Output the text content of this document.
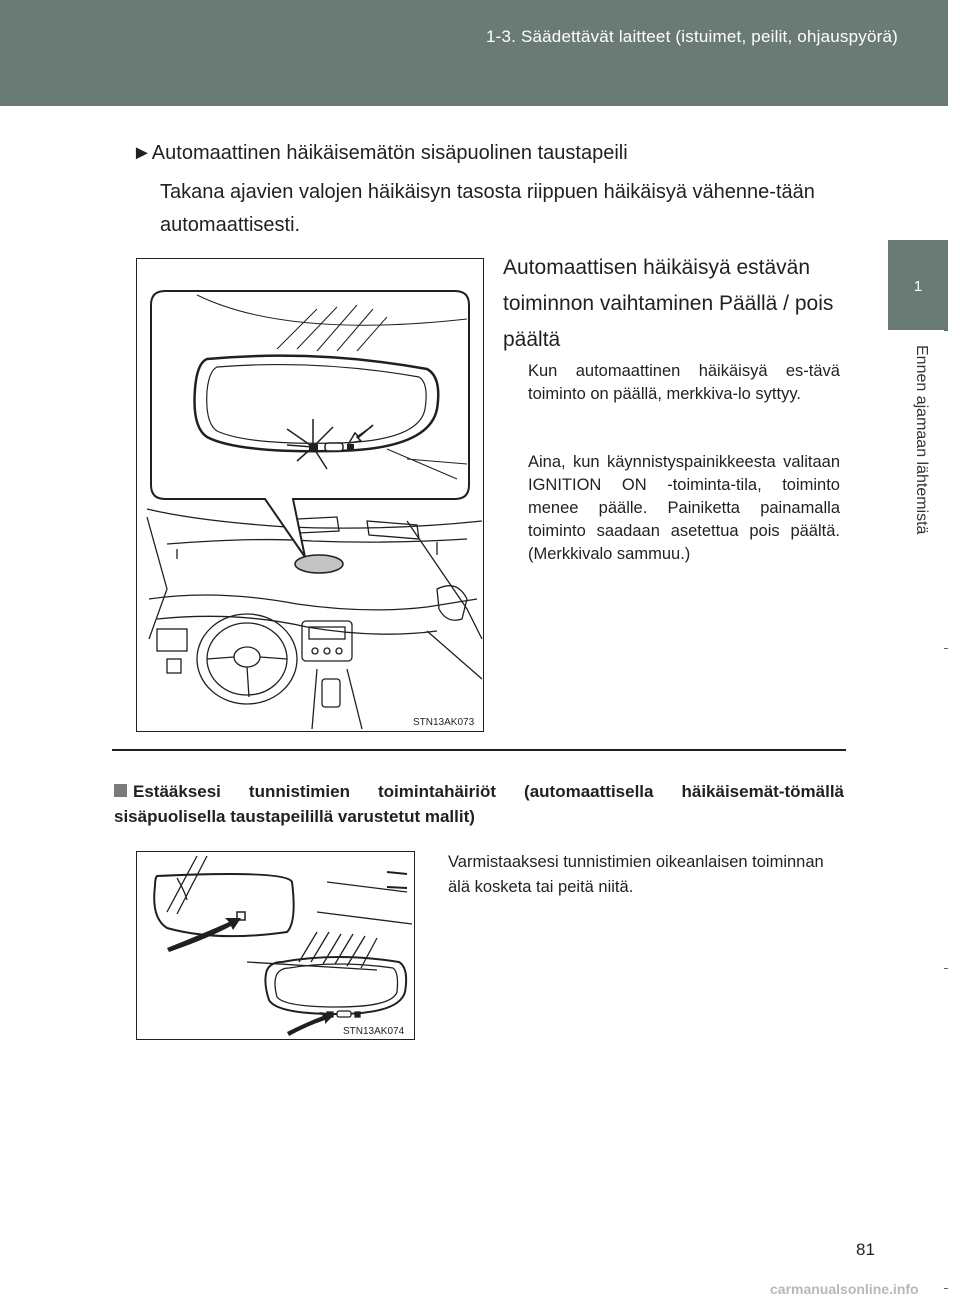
1-3. Säädettävät laitteet (istuimet, peilit, ohjauspyörä)
1
Ennen ajamaan lähtemistä
►Automaattinen häikäisemätön sisäpuolinen taustapeili
Takana ajavien valojen häikäisyn tasosta riippuen häikäisyä vähenne-tään automaattisesti.
STN13AK073
Automaattisen häikäisyä estävän toiminnon vaihtaminen Päällä / pois päältä
Kun automaattinen häikäisyä es-tävä toiminto on päällä, merkkiva-lo syttyy.
Aina, kun käynnistyspainikkeesta valitaan IGNITION ON -toiminta-tila, toiminto menee päälle. Painiketta painamalla toiminto saadaan asetettua pois päältä. (Merkkivalo sammuu.)
Estääksesi tunnistimien toimintahäiriöt (automaattisella häikäisemät-tömällä sisäpuolisella taustapeilillä varustetut mallit)
STN13AK074
Varmistaaksesi tunnistimien oikeanlaisen toiminnan älä kosketa tai peitä niitä.
81
carmanualsonline.info
